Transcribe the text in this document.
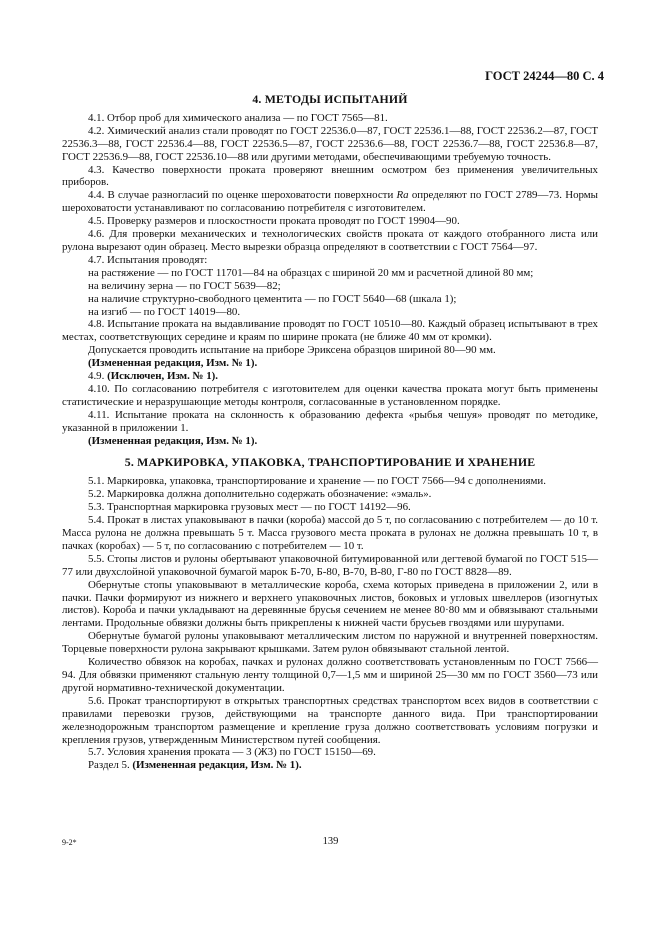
ГОСТ 24244—80 С. 4
4. МЕТОДЫ ИСПЫТАНИЙ

4.1. Отбор проб для химического анализа — по ГОСТ 7565—81.

4.2. Химический анализ стали проводят по ГОСТ 22536.0—87, ГОСТ 22536.1—88, ГОСТ 22536.2—87, ГОСТ 22536.3—88, ГОСТ 22536.4—88, ГОСТ 22536.5—87, ГОСТ 22536.6—88, ГОСТ 22536.7—88, ГОСТ 22536.8—87, ГОСТ 22536.9—88, ГОСТ 22536.10—88 или другими методами, обеспечивающими требуемую точность.

4.3. Качество поверхности проката проверяют внешним осмотром без применения увеличительных приборов.

4.4. В случае разногласий по оценке шероховатости поверхности Ra определяют по ГОСТ 2789—73. Нормы шероховатости устанавливают по согласованию потребителя с изготовителем.

4.5. Проверку размеров и плоскостности проката проводят по ГОСТ 19904—90.

4.6. Для проверки механических и технологических свойств проката от каждого отобранного листа или рулона вырезают один образец. Место вырезки образца определяют в соответствии с ГОСТ 7564—97.

4.7. Испытания проводят:

на растяжение — по ГОСТ 11701—84 на образцах с шириной 20 мм и расчетной длиной 80 мм;

на величину зерна — по ГОСТ 5639—82;

на наличие структурно-свободного цементита — по ГОСТ 5640—68 (шкала 1);

на изгиб — по ГОСТ 14019—80.

4.8. Испытание проката на выдавливание проводят по ГОСТ 10510—80. Каждый образец испытывают в трех местах, соответствующих середине и краям по ширине проката (не ближе 40 мм от кромки).

Допускается проводить испытание на приборе Эриксена образцов шириной 80—90 мм.

(Измененная редакция, Изм. № 1).

4.9. (Исключен, Изм. № 1).

4.10. По согласованию потребителя с изготовителем для оценки качества проката могут быть применены статистические и неразрушающие методы контроля, согласованные в установленном порядке.

4.11. Испытание проката на склонность к образованию дефекта «рыбья чешуя» проводят по методике, указанной в приложении 1.

(Измененная редакция, Изм. № 1).

5. МАРКИРОВКА, УПАКОВКА, ТРАНСПОРТИРОВАНИЕ И ХРАНЕНИЕ

5.1. Маркировка, упаковка, транспортирование и хранение — по ГОСТ 7566—94 с дополнениями.

5.2. Маркировка должна дополнительно содержать обозначение: «эмаль».

5.3. Транспортная маркировка грузовых мест — по ГОСТ 14192—96.

5.4. Прокат в листах упаковывают в пачки (короба) массой до 5 т, по согласованию с потребителем — до 10 т. Масса рулона не должна превышать 5 т. Масса грузового места проката в рулонах не должна превышать 10 т, в пачках (коробах) — 5 т, по согласованию с потребителем — 10 т.

5.5. Стопы листов и рулоны обертывают упаковочной битумированной или дегтевой бумагой по ГОСТ 515—77 или двухслойной упаковочной бумагой марок Б-70, Б-80, В-70, В-80, Г-80 по ГОСТ 8828—89.

Обернутые стопы упаковывают в металлические короба, схема которых приведена в приложении 2, или в пачки. Пачки формируют из нижнего и верхнего упаковочных листов, боковых и угловых швеллеров (изогнутых листов). Короба и пачки укладывают на деревянные брусья сечением не менее 80·80 мм и обвязывают стальными лентами. Продольные обвязки должны быть прикреплены к нижней части брусьев гвоздями или шурупами.

Обернутые бумагой рулоны упаковывают металлическим листом по наружной и внутренней поверхностям. Торцевые поверхности рулона закрывают крышками. Затем рулон обвязывают стальной лентой.

Количество обвязок на коробах, пачках и рулонах должно соответствовать установленным по ГОСТ 7566—94. Для обвязки применяют стальную ленту толщиной 0,7—1,5 мм и шириной 25—30 мм по ГОСТ 3560—73 или другой нормативно-технической документации.

5.6. Прокат транспортируют в открытых транспортных средствах транспортом всех видов в соответствии с правилами перевозки грузов, действующими на транспорте данного вида. При транспортировании железнодорожным транспортом размещение и крепление груза должно соответствовать условиям погрузки и крепления грузов, утвержденным Министерством путей сообщения.

5.7. Условия хранения проката — 3 (Ж3) по ГОСТ 15150—69.

Раздел 5. (Измененная редакция, Изм. № 1).

9-2*	139
